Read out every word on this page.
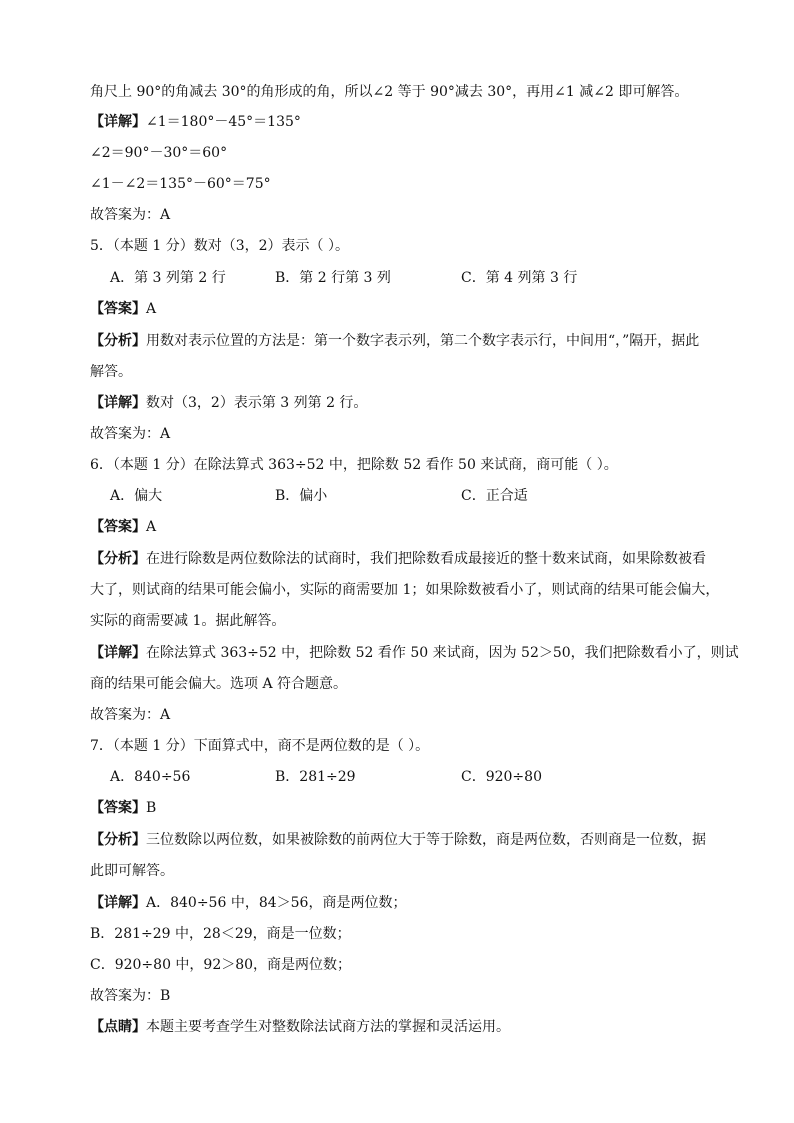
角尺上 90°的角减去 30°的角形成的角，所以∠2 等于 90°减去 30°，再用∠1 减∠2 即可解答。
【详解】∠1＝180°－45°＝135°
∠2＝90°－30°＝60°
∠1－∠2＝135°－60°＝75°
故答案为：A
5．（本题 1 分）数对（3，2）表示（ ）。
A．第 3 列第 2 行	B．第 2 行第 3 列	C．第 4 列第 3 行
【答案】A
【分析】用数对表示位置的方法是：第一个数字表示列，第二个数字表示行，中间用“，”隔开，据此
解答。
【详解】数对（3，2）表示第 3 列第 2 行。
故答案为：A
6．（本题 1 分）在除法算式 363÷52 中，把除数 52 看作 50 来试商，商可能（ ）。
A．偏大	B．偏小	C．正合适
【答案】A
【分析】在进行除数是两位数除法的试商时，我们把除数看成最接近的整十数来试商，如果除数被看
大了，则试商的结果可能会偏小，实际的商需要加 1；如果除数被看小了，则试商的结果可能会偏大，
实际的商需要减 1。据此解答。
【详解】在除法算式 363÷52 中，把除数 52 看作 50 来试商，因为 52＞50，我们把除数看小了，则试
商的结果可能会偏大。选项 A 符合题意。
故答案为：A
7．（本题 1 分）下面算式中，商不是两位数的是（ ）。
A．840÷56	B．281÷29	C．920÷80
【答案】B
【分析】三位数除以两位数，如果被除数的前两位大于等于除数，商是两位数，否则商是一位数，据
此即可解答。
【详解】A．840÷56 中，84＞56，商是两位数；
B．281÷29 中，28＜29，商是一位数；
C．920÷80 中，92＞80，商是两位数；
故答案为：B
【点睛】本题主要考查学生对整数除法试商方法的掌握和灵活运用。
